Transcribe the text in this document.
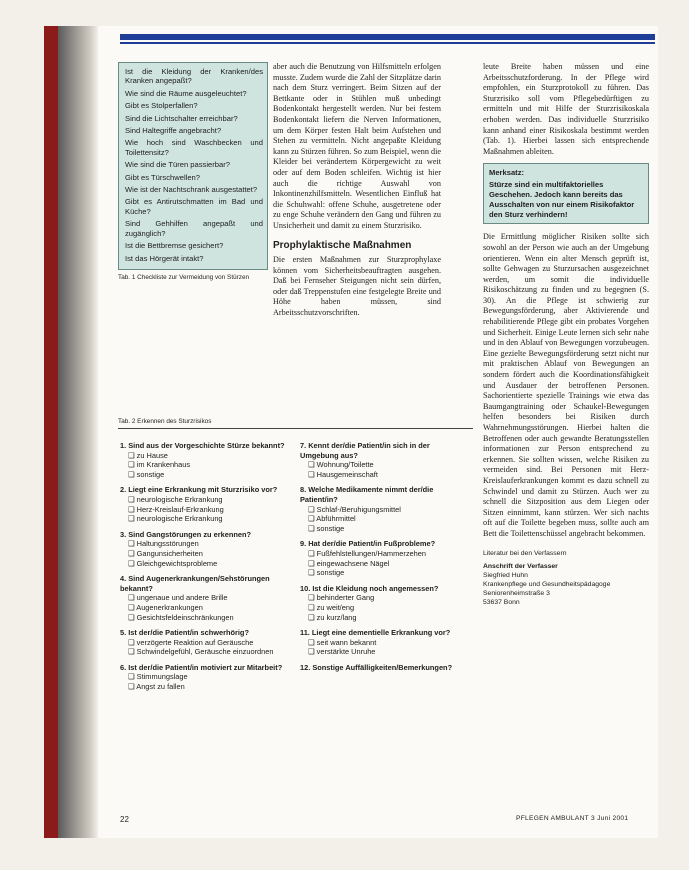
Ist die Kleidung der Kranken/des Kranken angepaßt?
Wie sind die Räume ausgeleuchtet?
Gibt es Stolperfallen?
Sind die Lichtschalter erreichbar?
Sind Haltegriffe angebracht?
Wie hoch sind Waschbecken und Toilettensitz?
Wie sind die Türen passierbar?
Gibt es Türschwellen?
Wie ist der Nachtschrank ausgestattet?
Gibt es Antirutschmatten im Bad und Küche?
Sind Gehhilfen angepaßt und zugänglich?
Ist die Bettbremse gesichert?
Ist das Hörgerät intakt?
Tab. 1 Checkliste zur Vermeidung von Stürzen
aber auch die Benutzung von Hilfsmitteln erfolgen musste. Zudem wurde die Zahl der Sitzplätze darin nach dem Sturz verringert. Beim Sitzen auf der Bettkante oder in Stühlen muß unbedingt Bodenkontakt hergestellt werden. Nur bei festem Bodenkontakt liefern die Nerven Informationen, um dem Körper festen Halt beim Aufstehen und Stehen zu vermitteln. Nicht angepaßte Kleidung kann zu Stürzen führen. So zum Beispiel, wenn die Kleider bei verändertem Körpergewicht zu weit oder auf dem Boden schleifen. Wichtig ist hier auch die richtige Auswahl von Inkontinenzhilfsmitteln. Wesentlichen Einfluß hat die Schuhwahl: offene Schuhe, ausgetretene oder zu enge Schuhe verändern den Gang und führen zu Unsicherheit und damit zu einem Sturzrisiko.
Prophylaktische Maßnahmen
Die ersten Maßnahmen zur Sturzprophylaxe können vom Sicherheitsbeauftragten ausgehen. Daß bei Fernseher Steigungen nicht sein dürfen, oder daß Treppenstufen eine festgelegte Breite und Höhe haben müssen, sind Arbeitsschutzvorschriften.
leute Breite haben müssen und eine Arbeitsschutzforderung. In der Pflege wird empfohlen, ein Sturzprotokoll zu führen. Das Sturzrisiko soll vom Pflegebedürftigen zu ermitteln und mit Hilfe der Sturzrisikoskala erhoben werden. Das individuelle Sturzrisiko kann anhand einer Risikoskala bestimmt werden (Tab. 1). Hierbei lassen sich entsprechende Maßnahmen ableiten.
Merksatz:
Stürze sind ein multifaktorielles Geschehen. Jedoch kann bereits das Ausschalten von nur einem Risikofaktor den Sturz verhindern!
Die Ermittlung möglicher Risiken sollte sich sowohl an der Person wie auch an der Umgebung orientieren. Wenn ein alter Mensch geprüft ist, sollte Gehwagen zu Sturzursachen ausgezeichnet werden, um somit die individuelle Risikoschätzung zu finden und zu begegnen (S. 30). An die Pflege ist schwierig zur Bewegungsförderung, aber Aktivierende und rehabilitierende Pflege gibt ein probates Vorgehen und Sicherheit. Einige Leute lernen sich sehr nahe und in den Ablauf von Bewegungen vorzubeugen. Eine gezielte Bewegungsförderung setzt nicht nur mit praktischen Ablauf von Bewegungen an sondern fördert auch die Koordinationsfähigkeit und Ausdauer der betroffenen Personen. Sachorientierte spezielle Trainings wie etwa das Baumgangtraining oder Schaukel-Bewegungen helfen besonders bei Risiken durch Wahrnehmungsstörungen. Hierbei halten die Betroffenen oder auch gewandte Beratungsstellen informationen zur Person entsprechend zu erkennen. Sie sollten wissen, welche Risiken zu vermeiden sind. Bei Personen mit Herz-Kreislauferkrankungen kommt es dazu schnell zu Schwindel und damit zu Stürzen. Auch wer zu schnell die Sitzposition aus dem Liegen oder Sitzen einnimmt, kann stürzen. Wer sich nachts oft auf die Toilette begeben muss, sollte auch am Bett die Toilettenschüssel angebracht bekommen.
Literatur bei den Verfassern
Anschrift der Verfasser
Siegfried Huhn
Krankenpflege und Gesundheitspädagoge
Seniorenheimstraße 3
53637 Bonn
Tab. 2 Erkennen des Sturzrisikos
1. Sind aus der Vorgeschichte Stürze bekannt?
❑ zu Hause
❑ im Krankenhaus
❑ sonstige
2. Liegt eine Erkrankung mit Sturzrisiko vor?
❑ neurologische Erkrankung
❑ Herz-Kreislauf-Erkrankung
❑ neurologische Erkrankung
3. Sind Gangstörungen zu erkennen?
❑ Haltungsstörungen
❑ Gangunsicherheiten
❑ Gleichgewichtsprobleme
4. Sind Augenerkrankungen/Sehstörungen bekannt?
❑ ungenaue und andere Brille
❑ Augenerkrankungen
❑ Gesichtsfeldeinschränkungen
5. Ist der/die Patient/in schwerhörig?
❑ verzögerte Reaktion auf Geräusche
❑ Schwindelgefühl, Geräusche einzuordnen
6. Ist der/die Patient/in motiviert zur Mitarbeit?
❑ Stimmungslage
❑ Angst zu fallen
7. Kennt der/die Patient/in sich in der Umgebung aus?
❑ Wohnung/Toilette
❑ Hausgemeinschaft
8. Welche Medikamente nimmt der/die Patient/in?
❑ Schlaf-/Beruhigungsmittel
❑ Abführmittel
❑ sonstige
9. Hat der/die Patient/in Fußprobleme?
❑ Fußfehlstellungen/Hammerzehen
❑ eingewachsene Nägel
❑ sonstige
10. Ist die Kleidung noch angemessen?
❑ behinderter Gang
❑ zu weit/eng
❑ zu kurz/lang
11. Liegt eine dementielle Erkrankung vor?
❑ seit wann bekannt
❑ verstärkte Unruhe
12. Sonstige Auffälligkeiten/Bemerkungen?
22	PFLEGEN AMBULANT 3 Juni 2001
